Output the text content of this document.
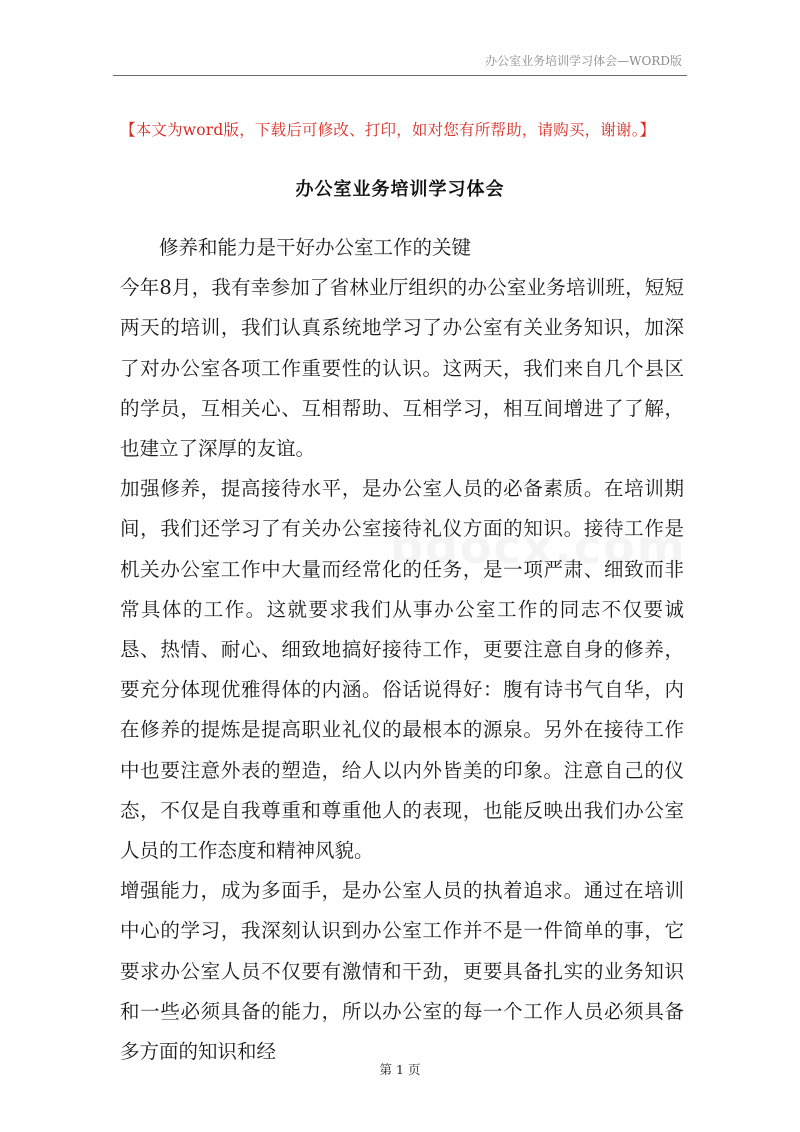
办公室业务培训学习体会—WORD版
【本文为word版，下载后可修改、打印，如对您有所帮助，请购买，谢谢。】
办公室业务培训学习体会

修养和能力是干好办公室工作的关键

今年8月，我有幸参加了省林业厅组织的办公室业务培训班，短短两天的培训，我们认真系统地学习了办公室有关业务知识，加深了对办公室各项工作重要性的认识。这两天，我们来自几个县区的学员，互相关心、互相帮助、互相学习，相互间增进了了解，也建立了深厚的友谊。

加强修养，提高接待水平，是办公室人员的必备素质。在培训期间，我们还学习了有关办公室接待礼仪方面的知识。接待工作是机关办公室工作中大量而经常化的任务，是一项严肃、细致而非常具体的工作。这就要求我们从事办公室工作的同志不仅要诚恳、热情、耐心、细致地搞好接待工作，更要注意自身的修养，要充分体现优雅得体的内涵。俗话说得好：腹有诗书气自华，内在修养的提炼是提高职业礼仪的最根本的源泉。另外在接待工作中也要注意外表的塑造，给人以内外皆美的印象。注意自己的仪态，不仅是自我尊重和尊重他人的表现，也能反映出我们办公室人员的工作态度和精神风貌。

增强能力，成为多面手，是办公室人员的执着追求。通过在培训中心的学习，我深刻认识到办公室工作并不是一件简单的事，它要求办公室人员不仅要有激情和干劲，更要具备扎实的业务知识和一些必须具备的能力，所以办公室的每一个工作人员必须具备多方面的知识和经

第 1 页
